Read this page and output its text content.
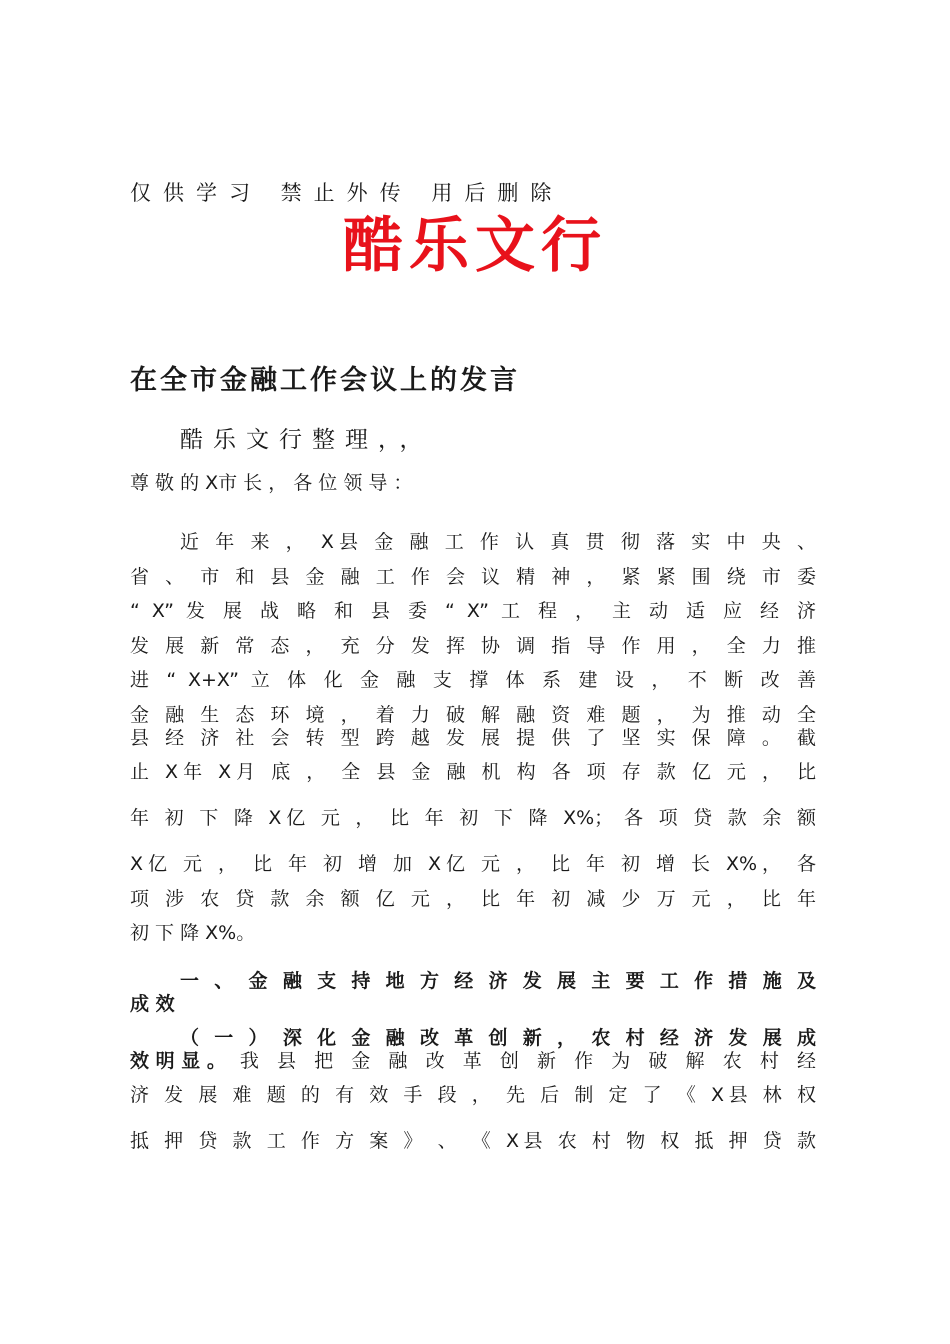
仅供学习 禁止外传 用后删除
酷乐文行
在全市金融工作会议上的发言
酷乐文行整理，，
尊 敬 的 X市 长 ， 各 位 领 导 ：
近 年 来 ， X县 金 融 工 作 认 真 贯 彻 落 实 中 央 、
省 、 市 和 县 金 融 工 作 会 议 精 神 ， 紧 紧 围 绕 市 委
“ X” 发 展 战 略 和 县 委 “ X” 工 程 ， 主 动 适 应 经 济
发 展 新 常 态 ， 充 分 发 挥 协 调 指 导 作 用 ， 全 力 推
进 “ X+X” 立 体 化 金 融 支 撑 体 系 建 设 ， 不 断 改 善
金 融 生 态 环 境 ， 着 力 破 解 融 资 难 题 ， 为 推 动 全
县 经 济 社 会 转 型 跨 越 发 展 提 供 了 坚 实 保 障 。 截
止 X年 X月 底 ， 全 县 金 融 机 构 各 项 存 款 亿 元 ， 比
年 初 下 降 X亿 元 ， 比 年 初 下 降 X%； 各 项 贷 款 余 额
X亿 元 ， 比 年 初 增 加 X亿 元 ， 比 年 初 增 长 X%， 各
项 涉 农 贷 款 余 额 亿 元 ， 比 年 初 减 少 万 元 ， 比 年
初 下 降 X%。
一 、 金 融 支 持 地 方 经 济 发 展 主 要 工 作 措 施 及
成 效
（ 一 ） 深 化 金 融 改 革 创 新 ， 农 村 经 济 发 展 成
效 明 显 。 我 县 把 金 融 改 革 创 新 作 为 破 解 农 村 经
济 发 展 难 题 的 有 效 手 段 ， 先 后 制 定 了 《 X县 林 权
抵 押 贷 款 工 作 方 案 》 、 《 X县 农 村 物 权 抵 押 贷 款
